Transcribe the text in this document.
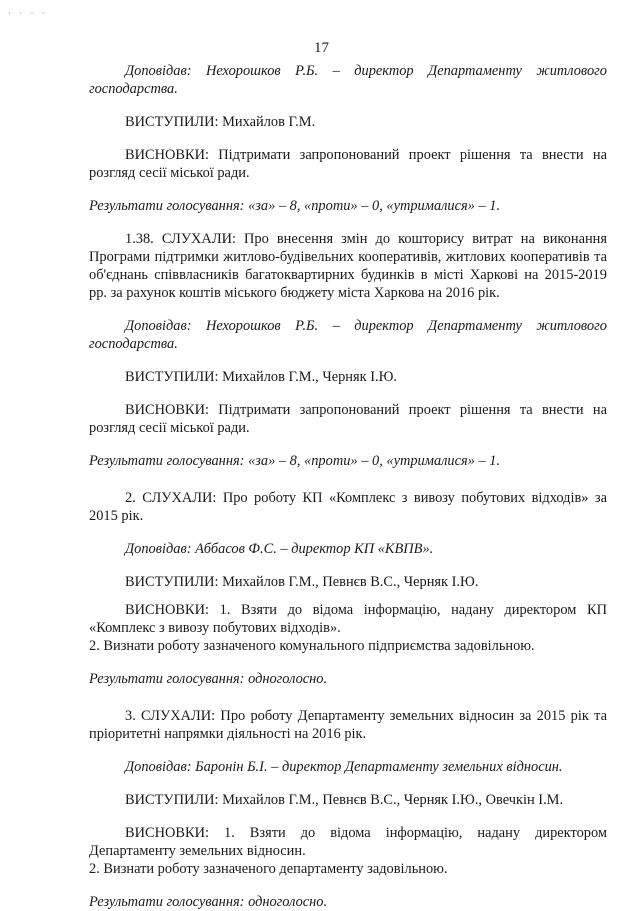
· · · ·
17

Доповідав: Нехорошков Р.Б. – директор Департаменту житлового господарства.

ВИСТУПИЛИ: Михайлов Г.М.

ВИСНОВКИ: Підтримати запропонований проект рішення та внести на розгляд сесії міської ради.

Результати голосування: «за» – 8, «проти» – 0, «утрималися» – 1.

1.38. СЛУХАЛИ: Про внесення змін до кошторису витрат на виконання Програми підтримки житлово-будівельних кооперативів, житлових кооперативів та об'єднань співвласників багатоквартирних будинків в місті Харкові на 2015-2019 рр. за рахунок коштів міського бюджету міста Харкова на 2016 рік.

Доповідав: Нехорошков Р.Б. – директор Департаменту житлового господарства.

ВИСТУПИЛИ: Михайлов Г.М., Черняк І.Ю.

ВИСНОВКИ: Підтримати запропонований проект рішення та внести на розгляд сесії міської ради.

Результати голосування: «за» – 8, «проти» – 0, «утрималися» – 1.

2. СЛУХАЛИ: Про роботу КП «Комплекс з вивозу побутових відходів» за 2015 рік.

Доповідав: Аббасов Ф.С. – директор КП «КВПВ».

ВИСТУПИЛИ: Михайлов Г.М., Певнєв В.С., Черняк І.Ю.

ВИСНОВКИ: 1. Взяти до відома інформацію, надану директором КП «Комплекс з вивозу побутових відходів».

2. Визнати роботу зазначеного комунального підприємства задовільною.

Результати голосування: одноголосно.

3. СЛУХАЛИ: Про роботу Департаменту земельних відносин за 2015 рік та пріоритетні напрямки діяльності на 2016 рік.

Доповідав: Баронін Б.І. – директор Департаменту земельних відносин.

ВИСТУПИЛИ: Михайлов Г.М., Певнєв В.С., Черняк І.Ю., Овечкін І.М.

ВИСНОВКИ: 1. Взяти до відома інформацію, надану директором Департаменту земельних відносин.

2. Визнати роботу зазначеного департаменту задовільною.

Результати голосування: одноголосно.
